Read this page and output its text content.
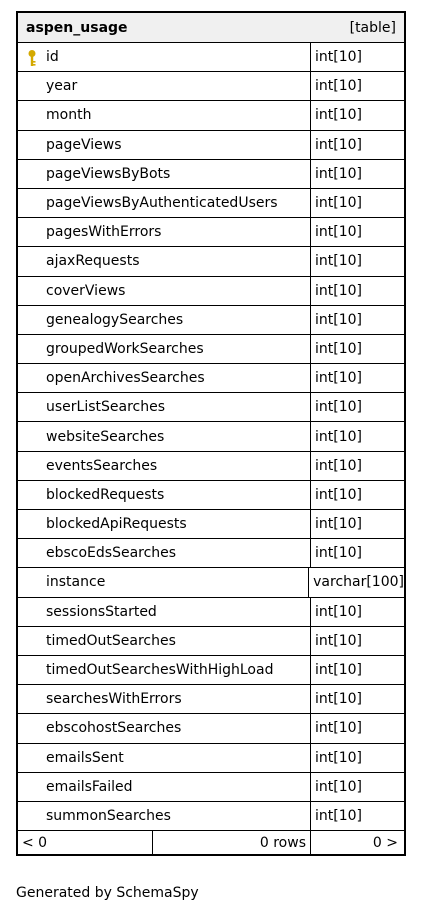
aspen_usage	[table]
id	int[10]
year	int[10]
month	int[10]
pageViews	int[10]
pageViewsByBots	int[10]
pageViewsByAuthenticatedUsers	int[10]
pagesWithErrors	int[10]
ajaxRequests	int[10]
coverViews	int[10]
genealogySearches	int[10]
groupedWorkSearches	int[10]
openArchivesSearches	int[10]
userListSearches	int[10]
websiteSearches	int[10]
eventsSearches	int[10]
blockedRequests	int[10]
blockedApiRequests	int[10]
ebscoEdsSearches	int[10]
instance	varchar[100]
sessionsStarted	int[10]
timedOutSearches	int[10]
timedOutSearchesWithHighLoad	int[10]
searchesWithErrors	int[10]
ebscohostSearches	int[10]
emailsSent	int[10]
emailsFailed	int[10]
summonSearches	int[10]
< 0	0 rows	0 >
Generated by SchemaSpy
